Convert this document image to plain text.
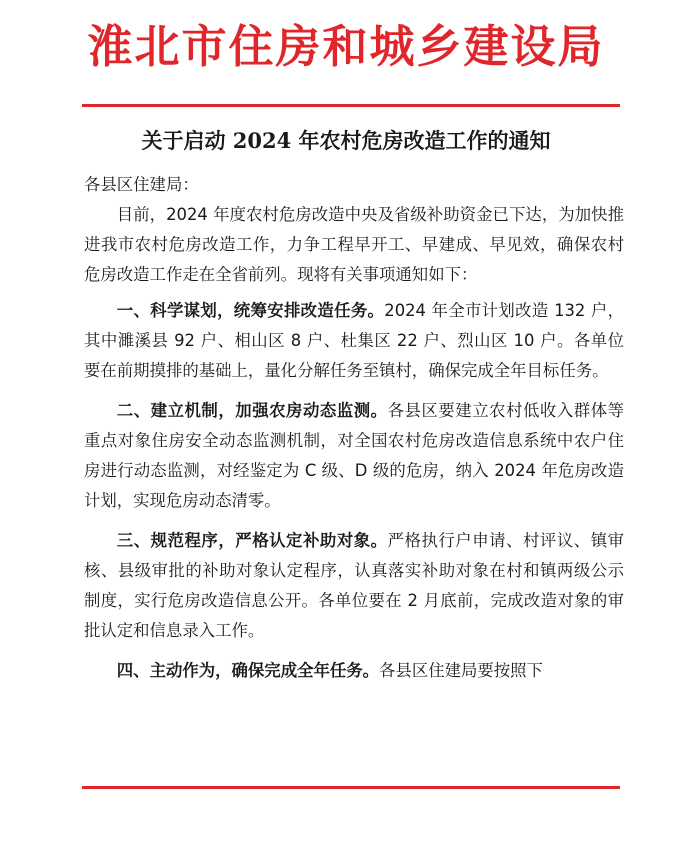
淮北市住房和城乡建设局
关于启动 2024 年农村危房改造工作的通知

各县区住建局：

目前，2024 年度农村危房改造中央及省级补助资金已下达，为加快推进我市农村危房改造工作，力争工程早开工、早建成、早见效，确保农村危房改造工作走在全省前列。现将有关事项通知如下：

一、科学谋划，统筹安排改造任务。2024 年全市计划改造 132 户，其中濉溪县 92 户、相山区 8 户、杜集区 22 户、烈山区 10 户。各单位要在前期摸排的基础上，量化分解任务至镇村，确保完成全年目标任务。

二、建立机制，加强农房动态监测。各县区要建立农村低收入群体等重点对象住房安全动态监测机制，对全国农村危房改造信息系统中农户住房进行动态监测，对经鉴定为 C 级、D 级的危房，纳入 2024 年危房改造计划，实现危房动态清零。

三、规范程序，严格认定补助对象。严格执行户申请、村评议、镇审核、县级审批的补助对象认定程序，认真落实补助对象在村和镇两级公示制度，实行危房改造信息公开。各单位要在 2 月底前，完成改造对象的审批认定和信息录入工作。

四、主动作为，确保完成全年任务。各县区住建局要按照下
